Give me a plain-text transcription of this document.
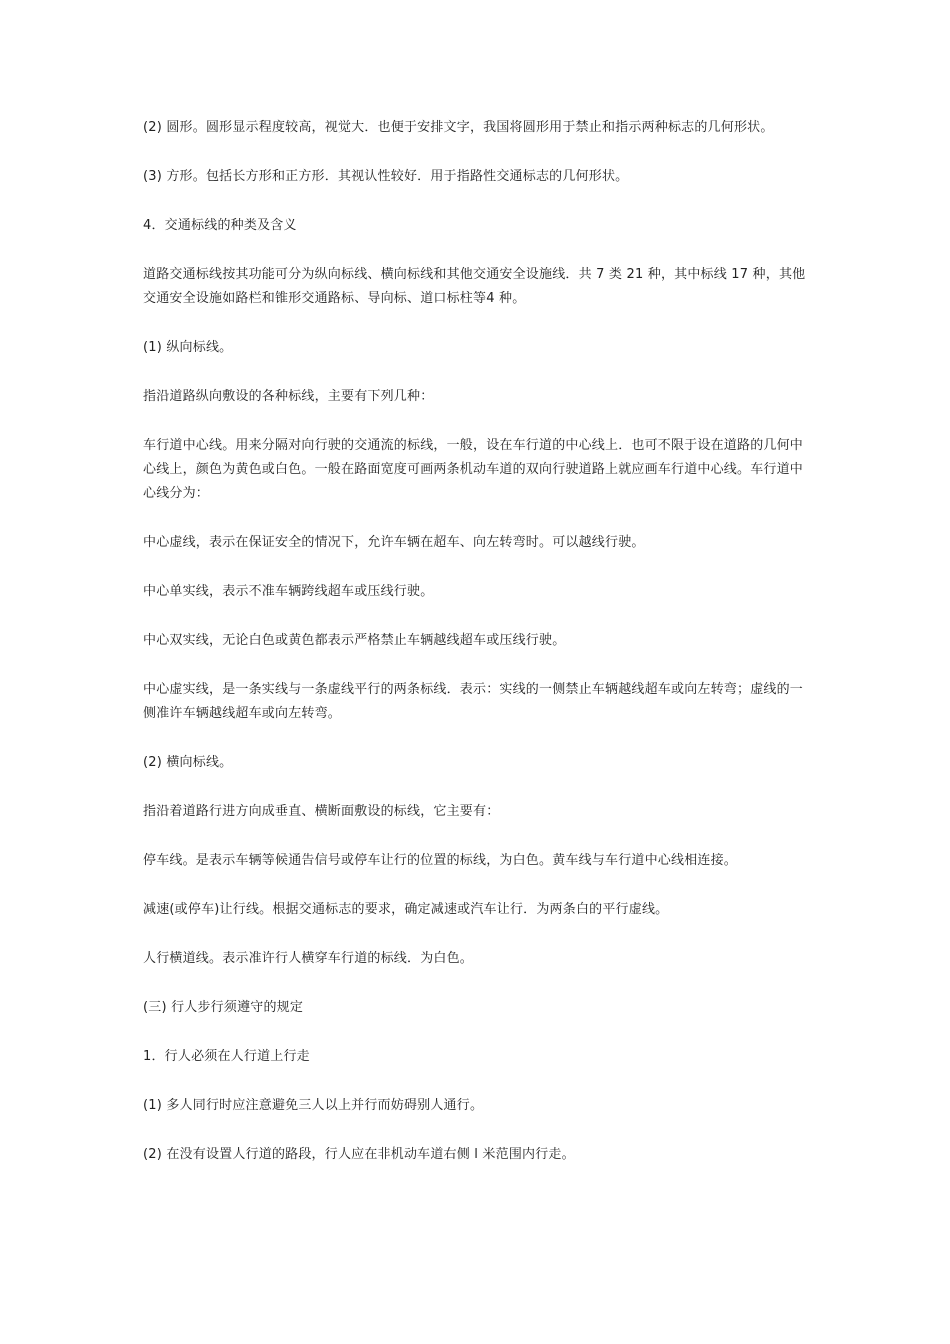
(2) 圆形。圆形显示程度较高，视觉大．也便于安排文字，我国将圆形用于禁止和指示两种标志的几何形状。

(3) 方形。包括长方形和正方形．其视认性较好．用于指路性交通标志的几何形状。

4．交通标线的种类及含义

道路交通标线按其功能可分为纵向标线、横向标线和其他交通安全设施线．共 7 类 21 种，其中标线 17 种，其他交通安全设施如路栏和锥形交通路标、导向标、道口标柱等4 种。

(1) 纵向标线。

指沿道路纵向敷设的各种标线，主要有下列几种：

车行道中心线。用来分隔对向行驶的交通流的标线，一般，设在车行道的中心线上．也可不限于设在道路的几何中心线上，颜色为黄色或白色。一般在路面宽度可画两条机动车道的双向行驶道路上就应画车行道中心线。车行道中心线分为：

中心虚线，表示在保证安全的情况下，允许车辆在超车、向左转弯时。可以越线行驶。

中心单实线，表示不准车辆跨线超车或压线行驶。

中心双实线，无论白色或黄色都表示严格禁止车辆越线超车或压线行驶。

中心虚实线，是一条实线与一条虚线平行的两条标线．表示：实线的一侧禁止车辆越线超车或向左转弯；虚线的一侧准许车辆越线超车或向左转弯。

(2) 横向标线。

指沿着道路行进方向成垂直、横断面敷设的标线，它主要有：

停车线。是表示车辆等候通告信号或停车让行的位置的标线，为白色。黄车线与车行道中心线相连接。

减速(或停车)让行线。根据交通标志的要求，确定减速或汽车让行．为两条白的平行虚线。

人行横道线。表示准许行人横穿车行道的标线．为白色。

(三) 行人步行须遵守的规定

1．行人必须在人行道上行走

(1) 多人同行时应注意避免三人以上并行而妨碍别人通行。

(2) 在没有设置人行道的路段，行人应在非机动车道右侧 l 米范围内行走。
